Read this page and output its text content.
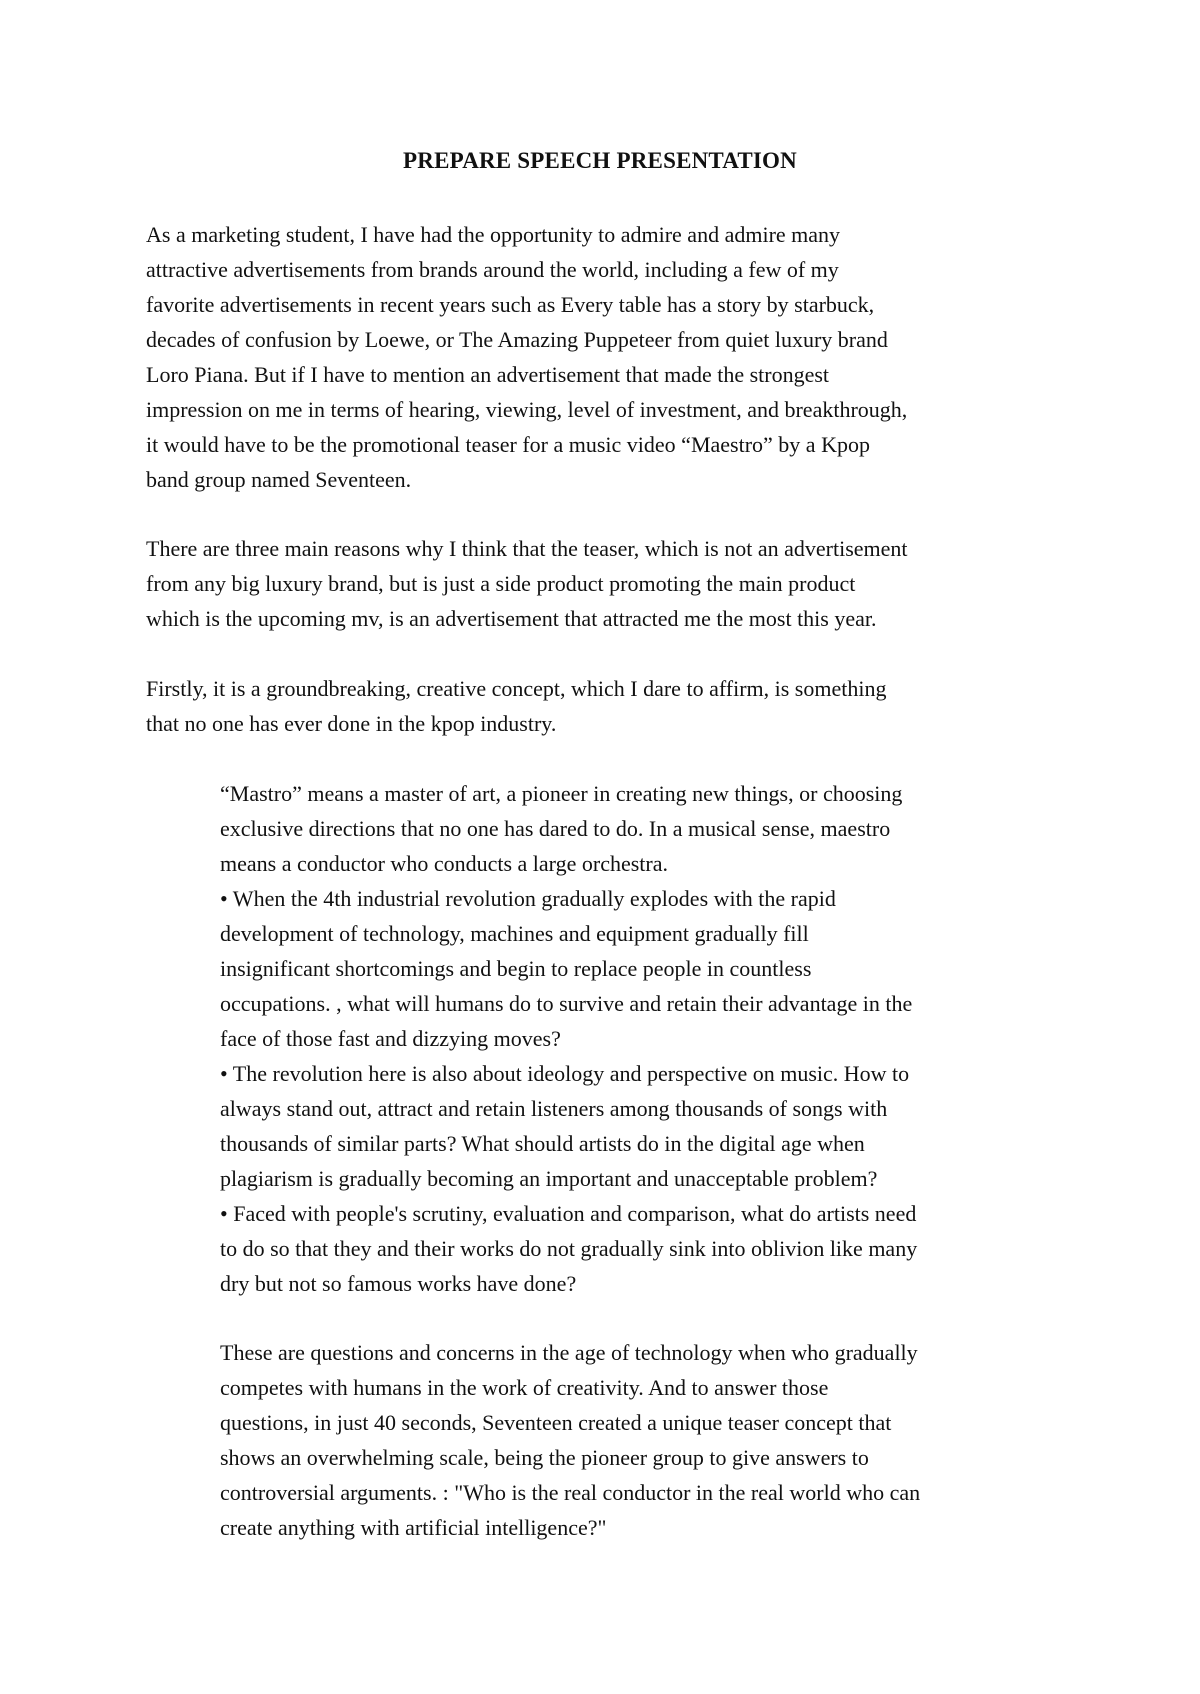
PREPARE SPEECH PRESENTATION

As a marketing student, I have had the opportunity to admire and admire many
attractive advertisements from brands around the world, including a few of my
favorite advertisements in recent years such as Every table has a story by starbuck,
decades of confusion by Loewe, or The Amazing Puppeteer from quiet luxury brand
Loro Piana. But if I have to mention an advertisement that made the strongest
impression on me in terms of hearing, viewing, level of investment, and breakthrough,
it would have to be the promotional teaser for a music video “Maestro” by a Kpop
band group named Seventeen.

There are three main reasons why I think that the teaser, which is not an advertisement
from any big luxury brand, but is just a side product promoting the main product
which is the upcoming mv, is an advertisement that attracted me the most this year.

Firstly, it is a groundbreaking, creative concept, which I dare to affirm, is something
that no one has ever done in the kpop industry.

“Mastro” means a master of art, a pioneer in creating new things, or choosing
exclusive directions that no one has dared to do. In a musical sense, maestro
means a conductor who conducts a large orchestra.
• When the 4th industrial revolution gradually explodes with the rapid
development of technology, machines and equipment gradually fill
insignificant shortcomings and begin to replace people in countless
occupations. , what will humans do to survive and retain their advantage in the
face of those fast and dizzying moves?
• The revolution here is also about ideology and perspective on music. How to
always stand out, attract and retain listeners among thousands of songs with
thousands of similar parts? What should artists do in the digital age when
plagiarism is gradually becoming an important and unacceptable problem?
• Faced with people's scrutiny, evaluation and comparison, what do artists need
to do so that they and their works do not gradually sink into oblivion like many
dry but not so famous works have done?

These are questions and concerns in the age of technology when who gradually
competes with humans in the work of creativity. And to answer those
questions, in just 40 seconds, Seventeen created a unique teaser concept that
shows an overwhelming scale, being the pioneer group to give answers to
controversial arguments. : "Who is the real conductor in the real world who can
create anything with artificial intelligence?"
